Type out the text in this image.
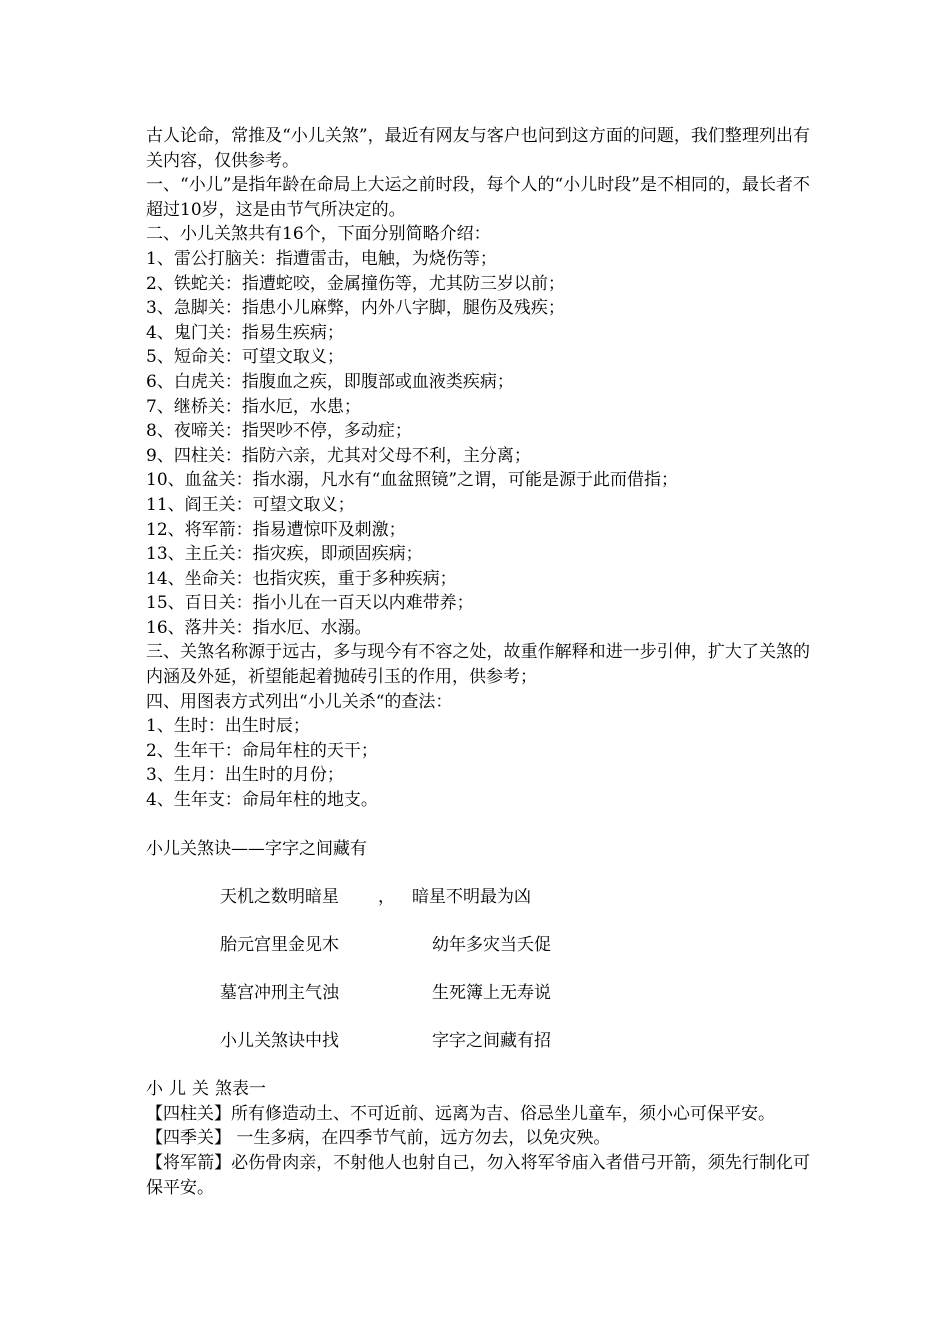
古人论命，常推及“小儿关煞”，最近有网友与客户也问到这方面的问题，我们整理列出有关内容，仅供参考。

一、“小儿”是指年龄在命局上大运之前时段，每个人的“小儿时段”是不相同的，最长者不超过10岁，这是由节气所决定的。

二、小儿关煞共有16个，下面分别简略介绍：

1、雷公打脑关：指遭雷击，电触，为烧伤等；

2、铁蛇关：指遭蛇咬，金属撞伤等，尤其防三岁以前；

3、急脚关：指患小儿麻弊，内外八字脚，腿伤及残疾；

4、鬼门关：指易生疾病；

5、短命关：可望文取义；

6、白虎关：指腹血之疾，即腹部或血液类疾病；

7、继桥关：指水厄，水患；

8、夜啼关：指哭吵不停，多动症；

9、四柱关：指防六亲，尤其对父母不利，主分离；

10、血盆关：指水溺，凡水有“血盆照镜”之谓，可能是源于此而借指；

11、阎王关：可望文取义；

12、将军箭：指易遭惊吓及刺激；

13、主丘关：指灾疾，即顽固疾病；

14、坐命关：也指灾疾，重于多种疾病；

15、百日关：指小儿在一百天以内难带养；

16、落井关：指水厄、水溺。

三、关煞名称源于远古，多与现今有不容之处，故重作解释和进一步引伸，扩大了关煞的内涵及外延，祈望能起着抛砖引玉的作用，供参考；

四、用图表方式列出“小儿关杀“的查法：

1、生时：出生时辰；

2、生年干：命局年柱的天干；

3、生月：出生时的月份；

4、生年支：命局年柱的地支。

小儿关煞诀——字字之间藏有

天机之数明暗星 ， 暗星不明最为凶
胎元宫里金见木	幼年多灾当夭促
墓宫冲刑主气浊	生死簿上无寿说
小儿关煞诀中找	字字之间藏有招

小儿关煞表一

【四柱关】所有修造动土、不可近前、远离为吉、俗忌坐儿童车，须小心可保平安。

【四季关】 一生多病，在四季节气前，远方勿去，以免灾殃。

【将军箭】必伤骨肉亲，不射他人也射自己，勿入将军爷庙入者借弓开箭，须先行制化可保平安。
